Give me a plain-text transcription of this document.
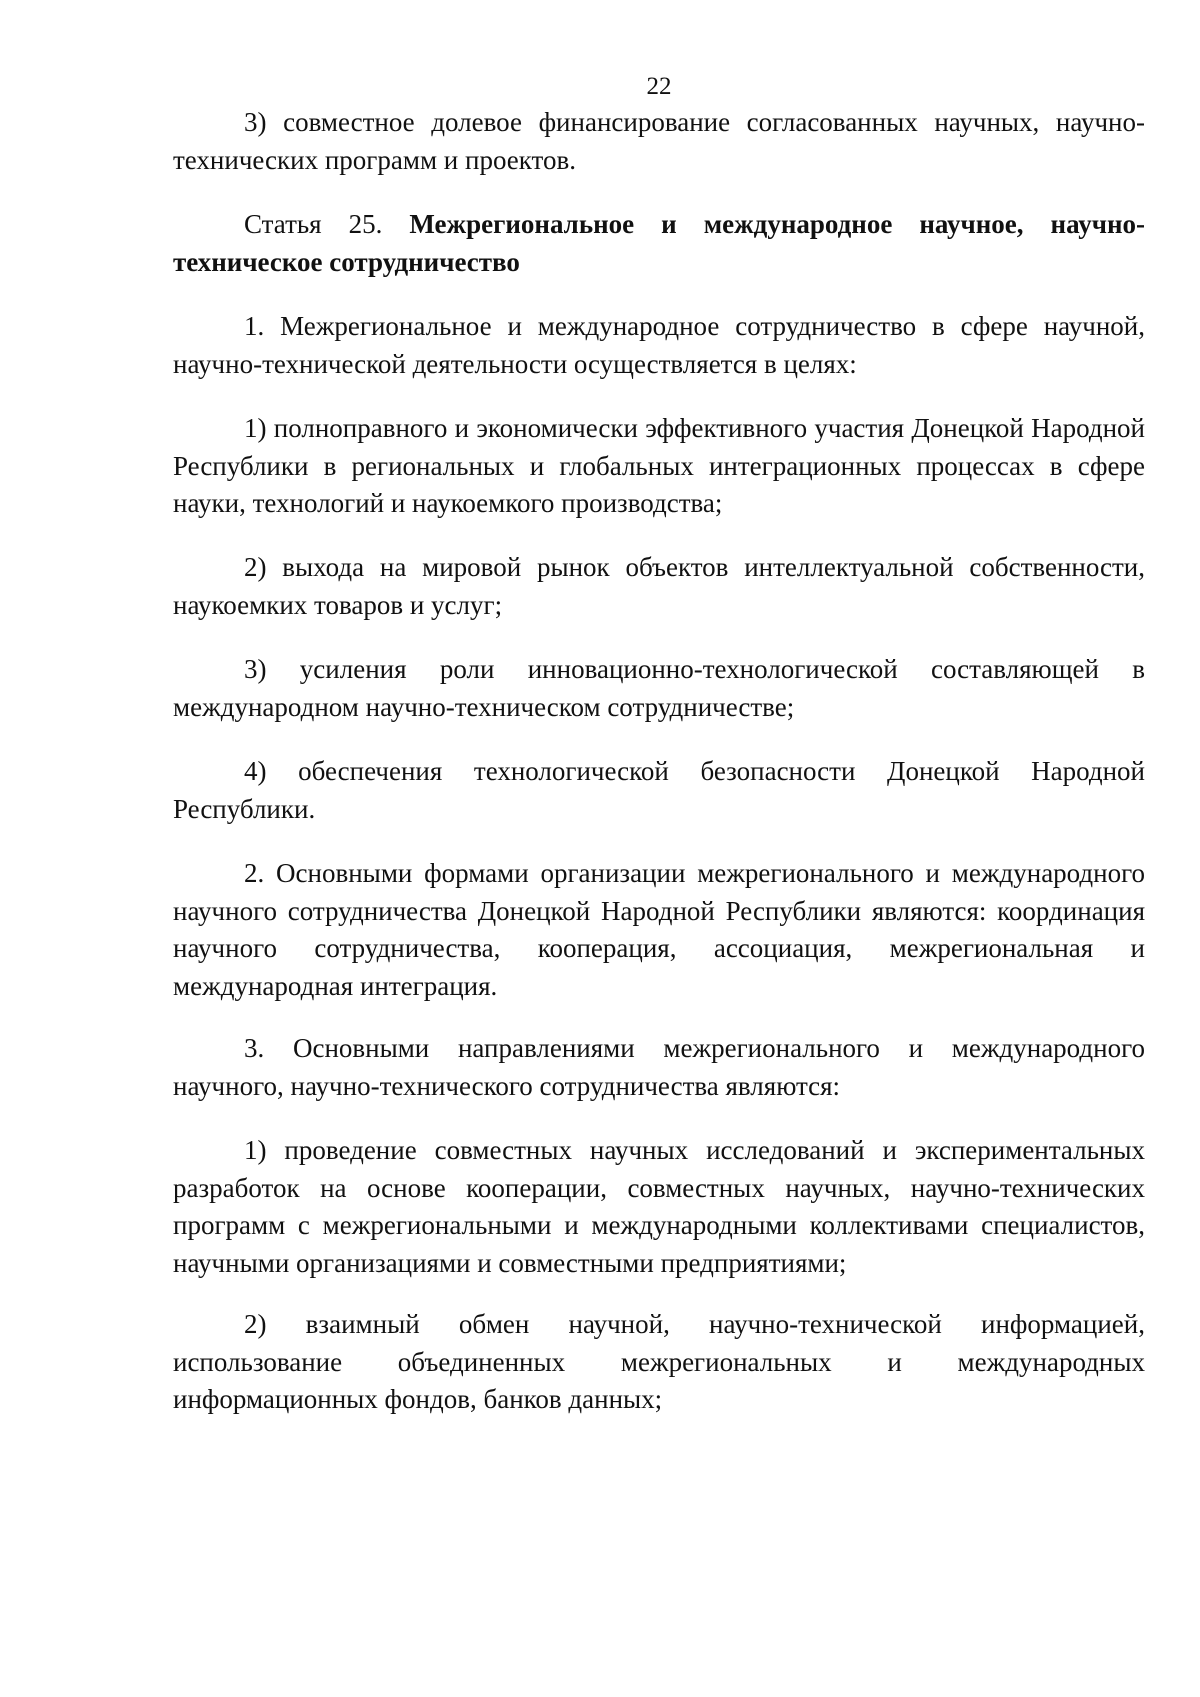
22

3) совместное долевое финансирование согласованных научных, научно-технических программ и проектов.

Статья 25. Межрегиональное и международное научное, научно-техническое сотрудничество

1. Межрегиональное и международное сотрудничество в сфере научной, научно-технической деятельности осуществляется в целях:

1) полноправного и экономически эффективного участия Донецкой Народной Республики в региональных и глобальных интеграционных процессах в сфере науки, технологий и наукоемкого производства;

2) выхода на мировой рынок объектов интеллектуальной собственности, наукоемких товаров и услуг;

3) усиления роли инновационно-технологической составляющей в международном научно-техническом сотрудничестве;

4) обеспечения технологической безопасности Донецкой Народной Республики.

2. Основными формами организации межрегионального и международного научного сотрудничества Донецкой Народной Республики являются: координация научного сотрудничества, кооперация, ассоциация, межрегиональная и международная интеграция.

3. Основными направлениями межрегионального и международного научного, научно-технического сотрудничества являются:

1) проведение совместных научных исследований и экспериментальных разработок на основе кооперации, совместных научных, научно-технических программ с межрегиональными и международными коллективами специалистов, научными организациями и совместными предприятиями;

2) взаимный обмен научной, научно-технической информацией, использование объединенных межрегиональных и международных информационных фондов, банков данных;
